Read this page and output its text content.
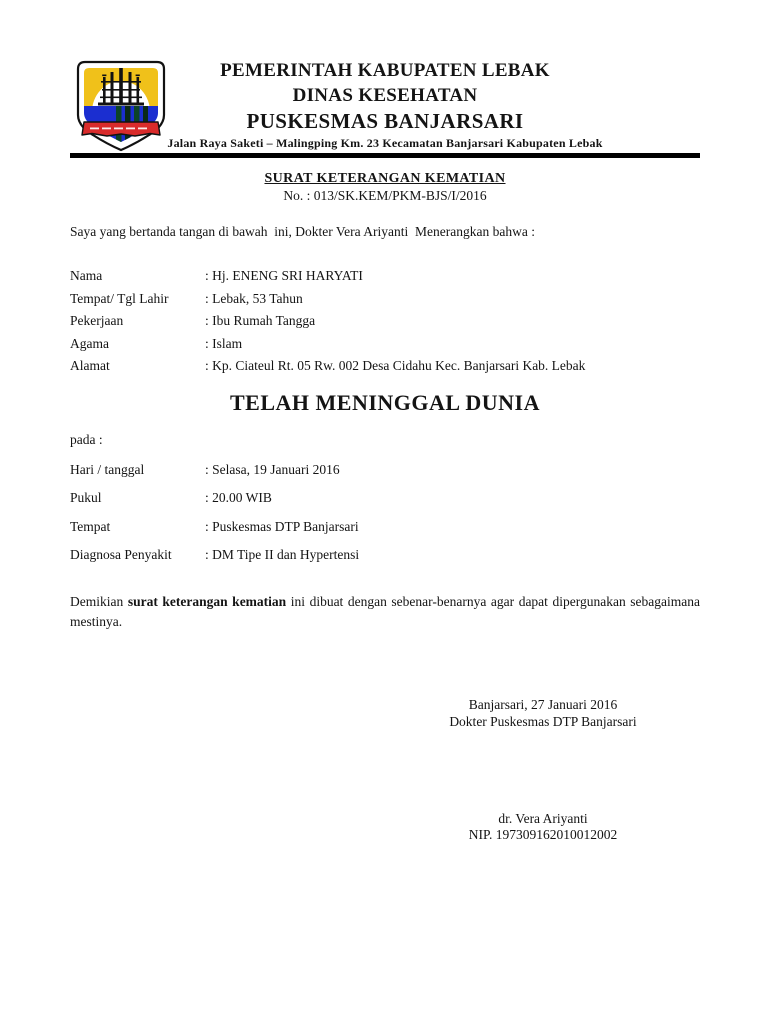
PEMERINTAH KABUPATEN LEBAK
DINAS KESEHATAN
PUSKESMAS BANJARSARI
Jalan Raya Saketi – Malingping Km. 23 Kecamatan Banjarsari Kabupaten Lebak
SURAT KETERANGAN KEMATIAN
No. : 013/SK.KEM/PKM-BJS/I/2016

Saya yang bertanda tangan di bawah  ini, Dokter Vera Ariyanti  Menerangkan bahwa :

Nama	: Hj. ENENG SRI HARYATI
Tempat/ Tgl Lahir	: Lebak, 53 Tahun
Pekerjaan	: Ibu Rumah Tangga
Agama	: Islam
Alamat	: Kp. Ciateul Rt. 05 Rw. 002 Desa Cidahu Kec. Banjarsari Kab. Lebak
TELAH MENINGGAL DUNIA
pada :
Hari / tanggal	: Selasa, 19 Januari 2016
Pukul	: 20.00 WIB
Tempat	: Puskesmas DTP Banjarsari
Diagnosa Penyakit	: DM Tipe II dan Hypertensi

Demikian surat keterangan kematian ini dibuat dengan sebenar-benarnya agar dapat dipergunakan sebagaimana mestinya.

Banjarsari, 27 Januari 2016
Dokter Puskesmas DTP Banjarsari
dr. Vera Ariyanti
NIP. 197309162010012002
